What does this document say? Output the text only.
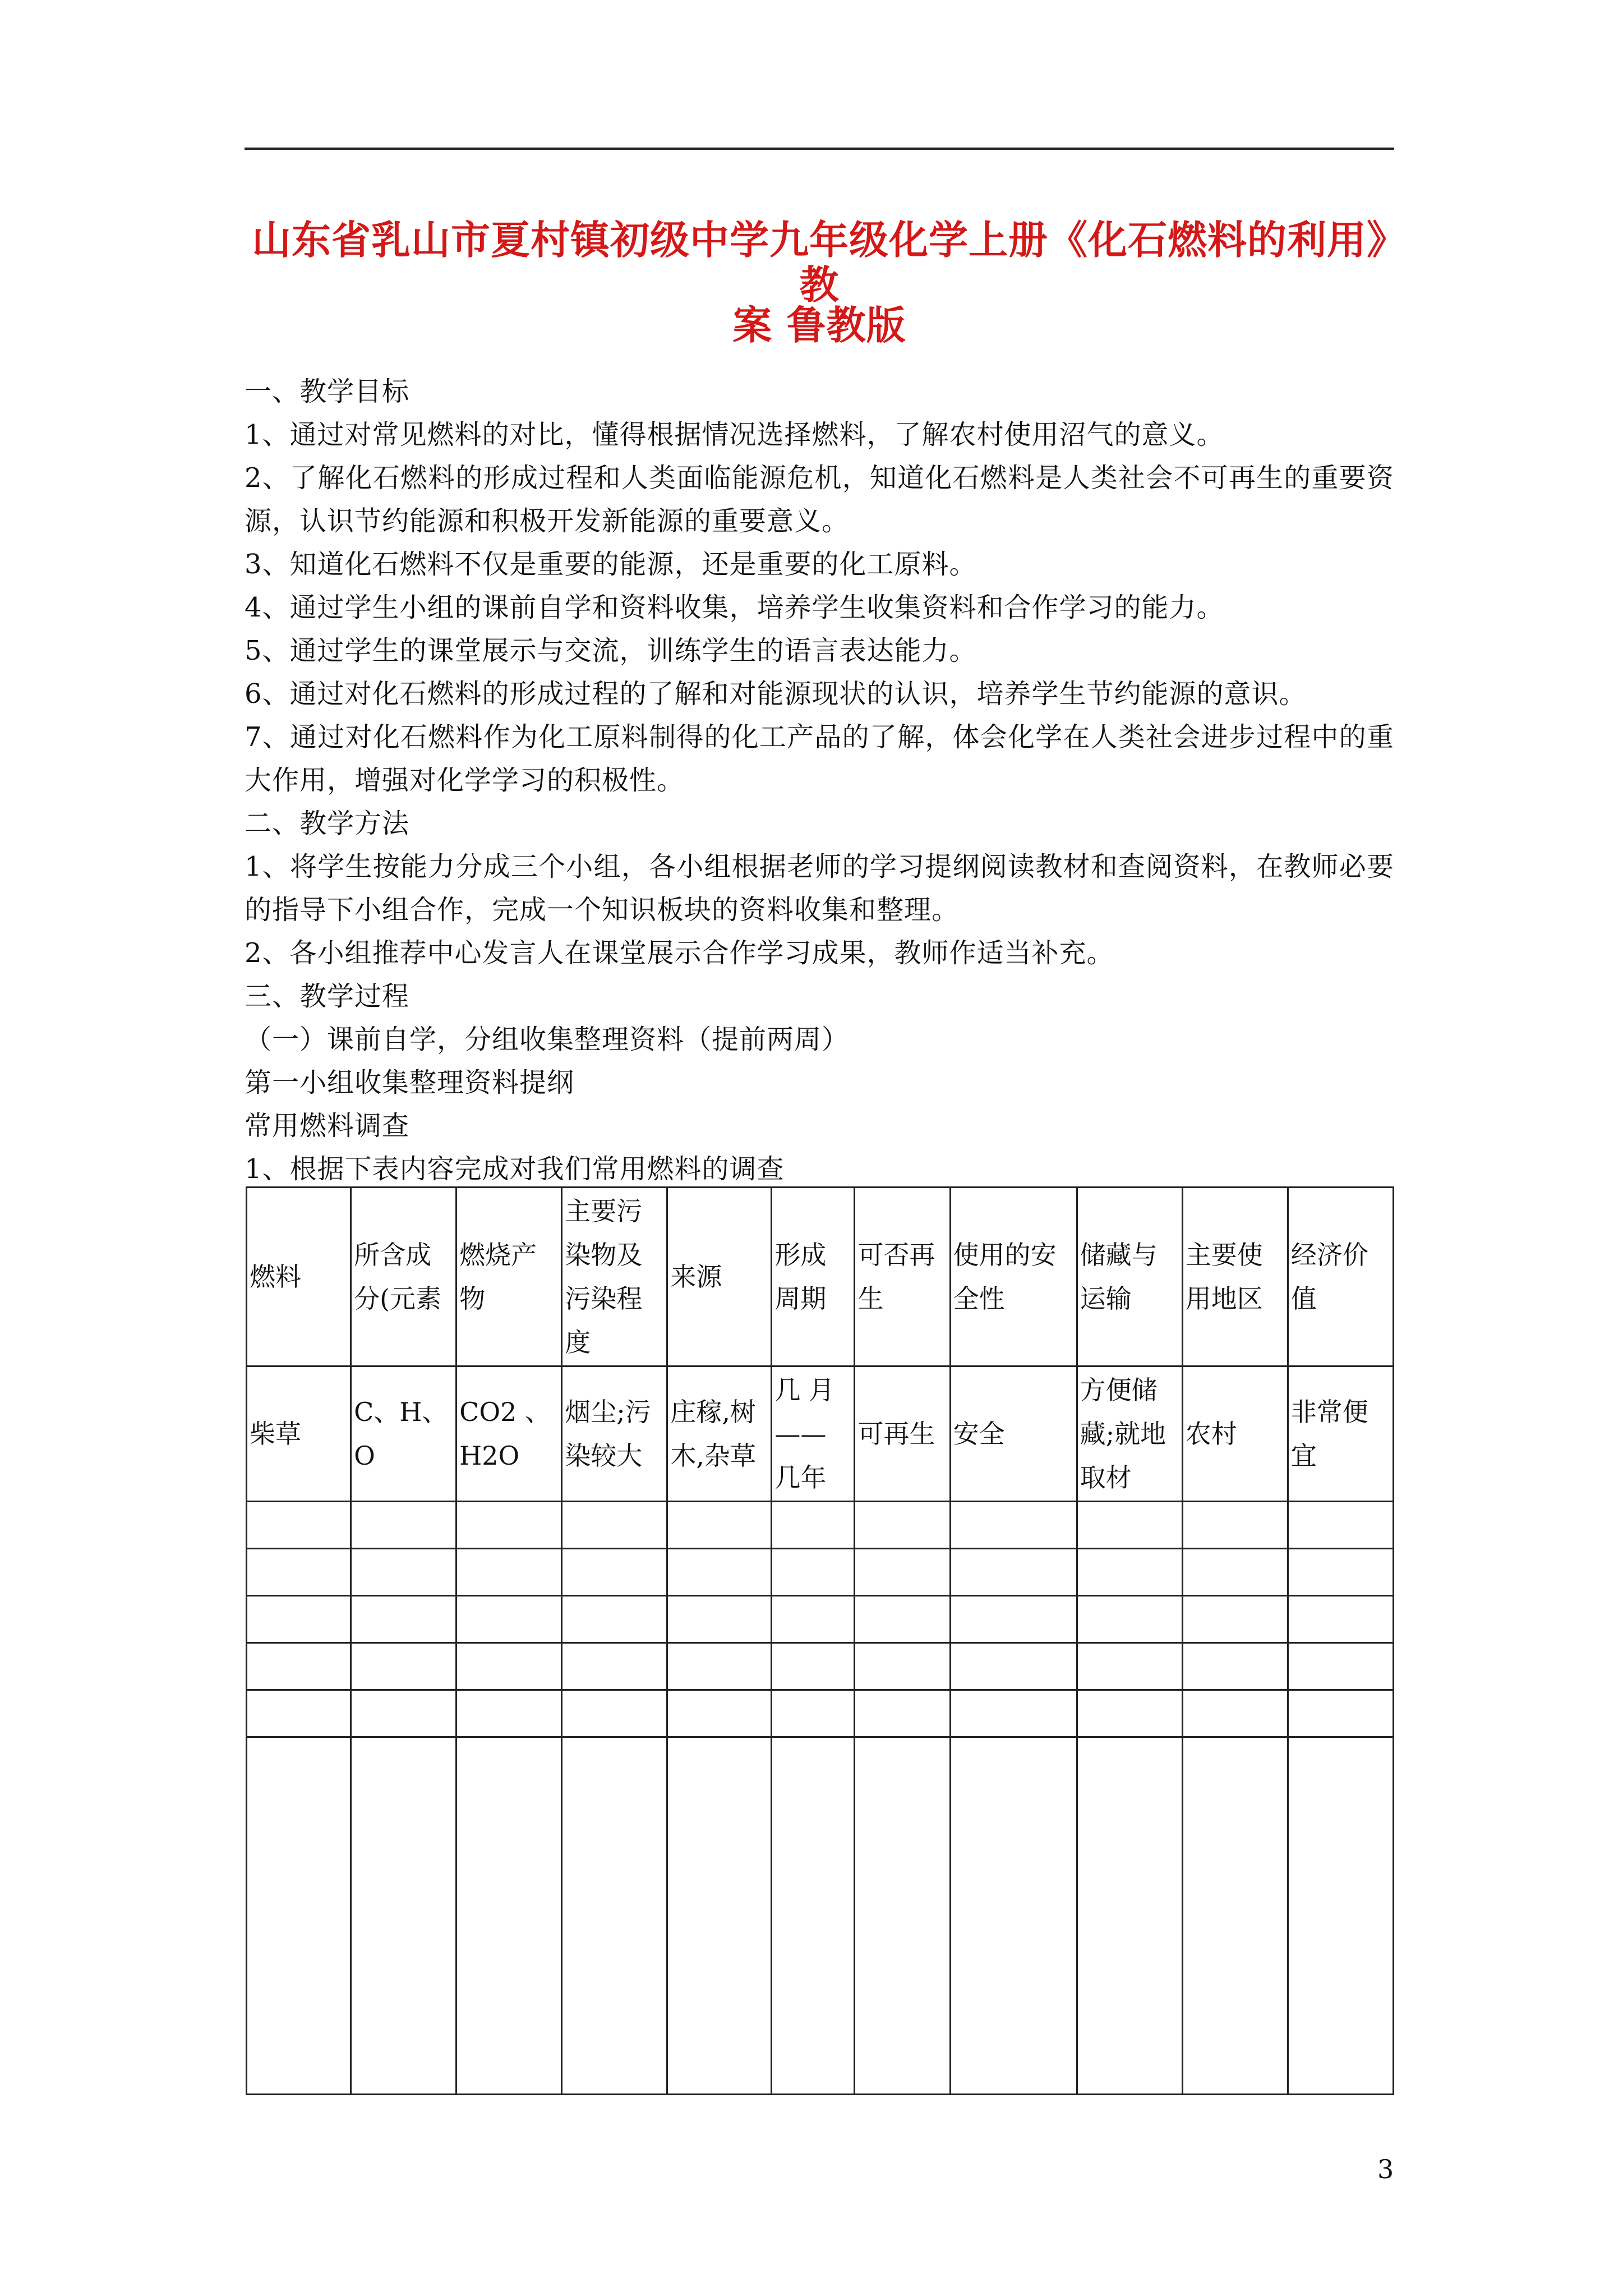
山东省乳山市夏村镇初级中学九年级化学上册《化石燃料的利用》教
案 鲁教版

一、教学目标

1、通过对常见燃料的对比，懂得根据情况选择燃料，了解农村使用沼气的意义。

2、了解化石燃料的形成过程和人类面临能源危机，知道化石燃料是人类社会不可再生的重要资源，认识节约能源和积极开发新能源的重要意义。

3、知道化石燃料不仅是重要的能源，还是重要的化工原料。

4、通过学生小组的课前自学和资料收集，培养学生收集资料和合作学习的能力。

5、通过学生的课堂展示与交流，训练学生的语言表达能力。

6、通过对化石燃料的形成过程的了解和对能源现状的认识，培养学生节约能源的意识。

7、通过对化石燃料作为化工原料制得的化工产品的了解，体会化学在人类社会进步过程中的重大作用，增强对化学学习的积极性。

二、教学方法

1、将学生按能力分成三个小组，各小组根据老师的学习提纲阅读教材和查阅资料，在教师必要的指导下小组合作，完成一个知识板块的资料收集和整理。

2、各小组推荐中心发言人在课堂展示合作学习成果，教师作适当补充。

三、教学过程

（一）课前自学，分组收集整理资料（提前两周）

第一小组收集整理资料提纲

常用燃料调查

1、根据下表内容完成对我们常用燃料的调查

燃料	所含成分(元素	燃烧产物	主要污染物及污染程度	来源	形成周期	可否再生	使用的安全性	储藏与运输	主要使用地区	经济价值
柴草	C、H、O	CO2 、H2O	烟尘;污染较大	庄稼,树木,杂草	几 月——几年	可再生	安全	方便储藏;就地取材	农村	非常便宜

3
